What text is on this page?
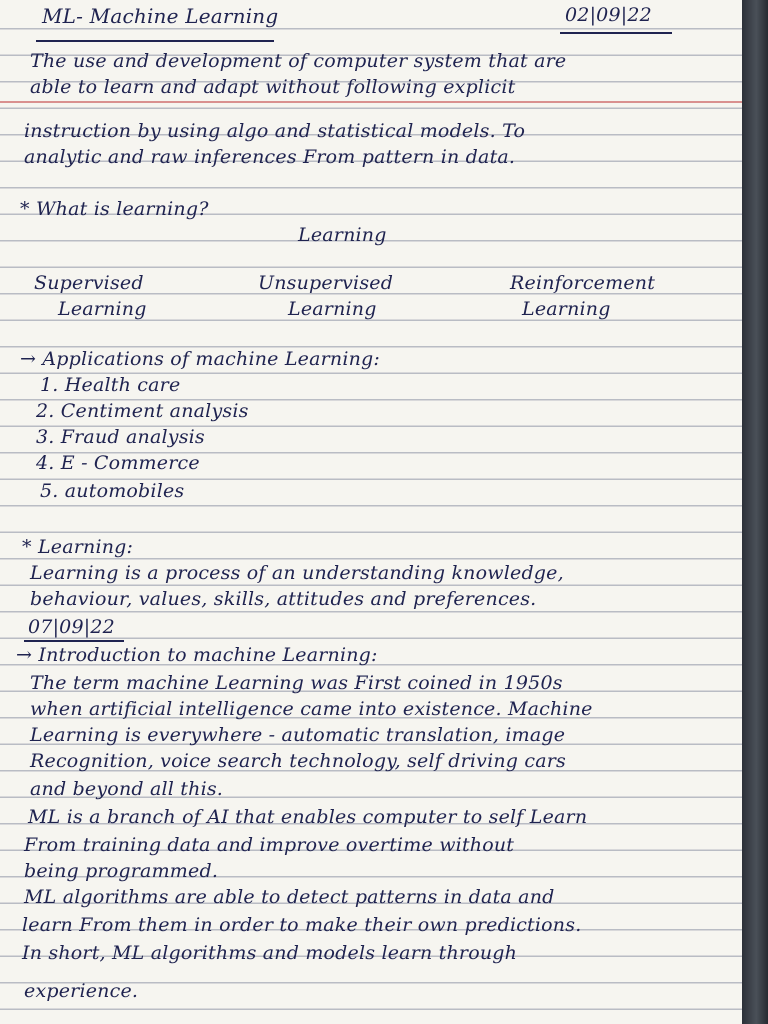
ML- Machine Learning	02|09|22

The use and development of computer system that are

able to learn and adapt without following explicit

instruction by using algo and statistical models. To

analytic and raw inferences From pattern in data.

* What is learning?

Learning

Supervised

Learning

Unsupervised

Learning

Reinforcement

Learning

→ Applications of machine Learning:

1. Health care

2. Centiment analysis

3. Fraud analysis

4. E - Commerce

5. automobiles

* Learning:

Learning is a process of an understanding knowledge,

behaviour, values, skills, attitudes and preferences.

07|09|22

→ Introduction to machine Learning:

The term machine Learning was First coined in 1950s

when artificial intelligence came into existence. Machine

Learning is everywhere - automatic translation, image

Recognition, voice search technology, self driving cars

and beyond all this.

ML is a branch of AI that enables computer to self Learn

From training data and improve overtime without

being programmed.

ML algorithms are able to detect patterns in data and

learn From them in order to make their own predictions.

In short, ML algorithms and models learn through

experience.
